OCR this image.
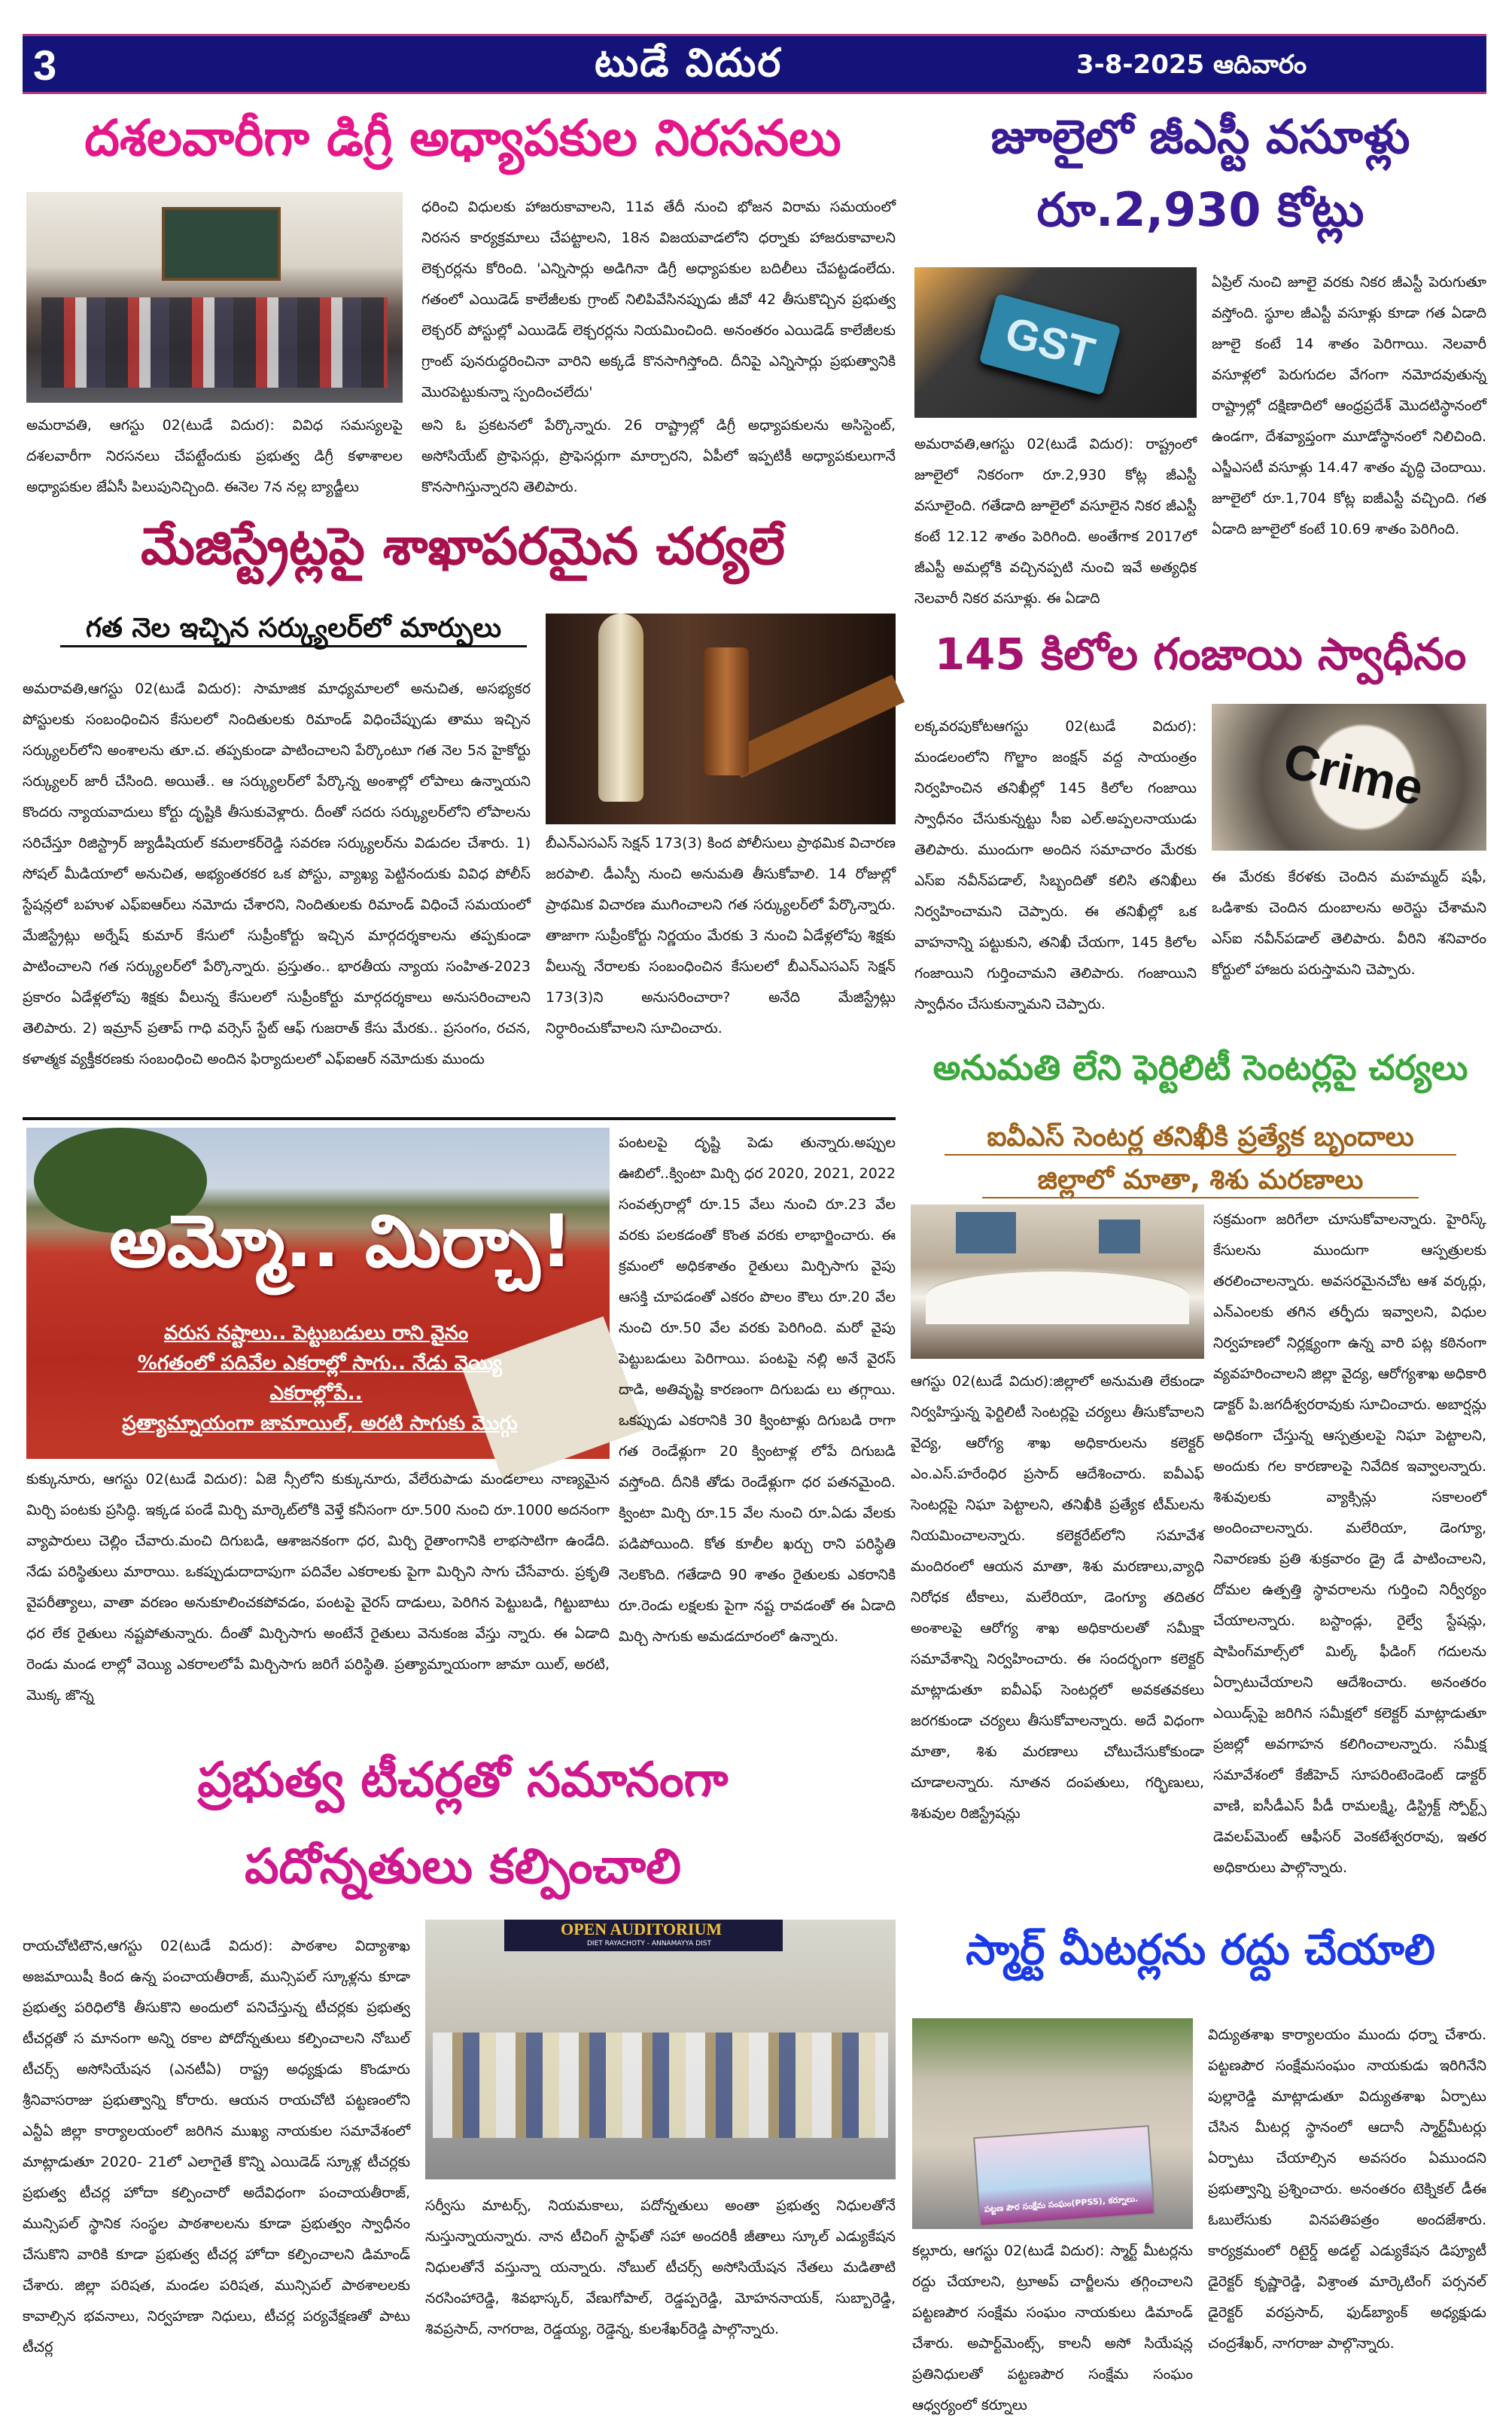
3	టుడే విదుర	3-8-2025 ఆదివారం
దశలవారీగా డిగ్రీ అధ్యాపకుల నిరసనలు
ధరించి విధులకు హాజరుకావాలని, 11వ తేదీ నుంచి భోజన విరామ సమయంలో నిరసన కార్యక్రమాలు చేపట్టాలని, 18న విజయవాడలోని ధర్నాకు హాజరుకావాలని లెక్చరర్లను కోరింది. 'ఎన్నిసార్లు అడిగినా డిగ్రీ అధ్యాపకుల బదిలీలు చేపట్టడంలేదు. గతంలో ఎయిడెడ్ కాలేజీలకు గ్రాంట్ నిలిపివేసినప్పుడు జీవో 42 తీసుకొచ్చిన ప్రభుత్వ లెక్చరర్ పోస్టుల్లో ఎయిడెడ్ లెక్చరర్లను నియమించింది. అనంతరం ఎయిడెడ్ కాలేజీలకు గ్రాంట్ పునరుద్ధరించినా వారిని అక్కడే కొనసాగిస్తోంది. దీనిపై ఎన్నిసార్లు ప్రభుత్వానికి మొరపెట్టుకున్నా స్పందించలేదు'
అమరావతి, ఆగస్టు 02(టుడే విదుర): వివిధ సమస్యలపై దశలవారీగా నిరసనలు చేపట్టేందుకు ప్రభుత్వ డిగ్రీ కళాశాలల అధ్యాపకుల జేఏసీ పిలుపునిచ్చింది. ఈనెల 7న నల్ల బ్యాడ్జీలు
అని ఓ ప్రకటనలో పేర్కొన్నారు. 26 రాష్ట్రాల్లో డిగ్రీ అధ్యాపకులను అసిస్టెంట్, అసోసియేట్ ప్రొఫెసర్లు, ప్రొఫెసర్లుగా మార్చారని, ఏపీలో ఇప్పటికీ అధ్యాపకులుగానే కొనసాగిస్తున్నారని తెలిపారు.
జూలైలో జీఎస్టీ వసూళ్లు
రూ.2,930 కోట్లు
GST
అమరావతి,ఆగస్టు 02(టుడే విదుర): రాష్ట్రంలో జూలైలో నికరంగా రూ.2,930 కోట్ల జీఎస్టీ వసూలైంది. గతేడాది జూలైలో వసూలైన నికర జీఎస్టీ కంటే 12.12 శాతం పెరిగింది. అంతేగాక 2017లో జీఎస్టీ అమల్లోకి వచ్చినప్పటి నుంచి ఇవే అత్యధిక నెలవారీ నికర వసూళ్లు. ఈ ఏడాది
ఏప్రిల్ నుంచి జూలై వరకు నికర జీఎస్టీ పెరుగుతూ వస్తోంది. స్థూల జీఎస్టీ వసూళ్లు కూడా గత ఏడాది జూలై కంటే 14 శాతం పెరిగాయి. నెలవారీ వసూళ్లలో పెరుగుదల వేగంగా నమోదవుతున్న రాష్ట్రాల్లో దక్షిణాదిలో ఆంధ్రప్రదేశ్ మొదటిస్థానంలో ఉండగా, దేశవ్యాప్తంగా మూడోస్థానంలో నిలిచింది. ఎస్జీఎసటీ వసూళ్లు 14.47 శాతం వృద్ధి చెందాయి. జూలైలో రూ.1,704 కోట్ల ఐజీఎస్టీ వచ్చింది. గత ఏడాది జూలైలో కంటే 10.69 శాతం పెరిగింది.
మేజిస్ట్రేట్లపై శాఖాపరమైన చర్యలే
గత నెల ఇచ్చిన సర్క్యులర్‌లో మార్పులు
అమరావతి,ఆగస్టు 02(టుడే విదుర): సామాజిక మాధ్యమాలలో అనుచిత, అసభ్యకర పోస్టులకు సంబంధించిన కేసులలో నిందితులకు రిమాండ్ విధించేప్పుడు తాము ఇచ్చిన సర్క్యులర్‌లోని అంశాలను తూ.చ. తప్పకుండా పాటించాలని పేర్కొంటూ గత నెల 5న హైకోర్టు సర్క్యులర్ జారీ చేసింది. అయితే.. ఆ సర్క్యులర్‌లో పేర్కొన్న అంశాల్లో లోపాలు ఉన్నాయని కొందరు న్యాయవాదులు కోర్టు దృష్టికి తీసుకువెళ్లారు. దీంతో సదరు సర్క్యులర్‌లోని లోపాలను సరిచేస్తూ రిజిస్ట్రార్ జ్యుడీషియల్ కమలాకర్‌రెడ్డి సవరణ సర్క్యులర్‌ను విడుదల చేశారు. 1) సోషల్ మీడియాలో అనుచిత, అభ్యంతరకర ఒక పోస్టు, వ్యాఖ్య పెట్టినందుకు వివిధ పోలీస్ స్టేషన్లలో బహుళ ఎఫ్ఐఆర్‌లు నమోదు చేశారని, నిందితులకు రిమాండ్ విధించే సమయంలో మేజిస్ట్రేట్లు అర్నేష్ కుమార్ కేసులో సుప్రీంకోర్టు ఇచ్చిన మార్గదర్శకాలను తప్పకుండా పాటించాలని గత సర్క్యులర్‌లో పేర్కొన్నారు. ప్రస్తుతం.. భారతీయ న్యాయ సంహిత-2023 ప్రకారం ఏడేళ్లలోపు శిక్షకు వీలున్న కేసులలో సుప్రీంకోర్టు మార్గదర్శకాలు అనుసరించాలని తెలిపారు. 2) ఇమ్రాన్ ప్రతాప్ గాధి వర్సెస్ స్టేట్ ఆఫ్ గుజరాత్ కేసు మేరకు.. ప్రసంగం, రచన, కళాత్మక వ్యక్తీకరణకు సంబంధించి అందిన ఫిర్యాదులలో ఎఫ్ఐఆర్ నమోదుకు ముందు
బీఎన్ఎసఎస్ సెక్షన్ 173(3) కింద పోలీసులు ప్రాథమిక విచారణ జరపాలి. డీఎస్పీ నుంచి అనుమతి తీసుకోవాలి. 14 రోజుల్లో ప్రాథమిక విచారణ ముగించాలని గత సర్క్యులర్‌లో పేర్కొన్నారు. తాజాగా సుప్రీంకోర్టు నిర్ణయం మేరకు 3 నుంచి ఏడేళ్లలోపు శిక్షకు వీలున్న నేరాలకు సంబంధించిన కేసులలో బీఎన్ఎసఎస్ సెక్షన్ 173(3)ని అనుసరించారా? అనేది మేజిస్ట్రేట్లు నిర్ధారించుకోవాలని సూచించారు.
145 కిలోల గంజాయి స్వాధీనం
లక్కవరపుకోటఆగస్టు 02(టుడే విదుర): మండలంలోని గొల్జాం జంక్షన్ వద్ద సాయంత్రం నిర్వహించిన తనిఖీల్లో 145 కిలోల గంజాయి స్వాధీనం చేసుకున్నట్టు సీఐ ఎల్.అప్పలనాయుడు తెలిపారు. ముందుగా అందిన సమాచారం మేరకు ఎస్ఐ నవీన్‌పడాల్, సిబ్బందితో కలిసి తనిఖీలు నిర్వహించామని చెప్పారు. ఈ తనిఖీల్లో ఒక వాహనాన్ని పట్టుకుని, తనిఖీ చేయగా, 145 కిలోల గంజాయిని గుర్తించామని తెలిపారు. గంజాయిని స్వాధీనం చేసుకున్నామని చెప్పారు.
Crime
ఈ మేరకు కేరళకు చెందిన మహమ్మద్ షఫీ, ఒడిశాకు చెందిన దుంబాలను అరెస్టు చేశామని ఎస్ఐ నవీన్‌పడాల్ తెలిపారు. వీరిని శనివారం కోర్టులో హాజరు పరుస్తామని చెప్పారు.
అనుమతి లేని ఫెర్టిలిటీ సెంటర్లపై చర్యలు
ఐవీఎస్ సెంటర్ల తనిఖీకి ప్రత్యేక బృందాలు
జిల్లాలో మాతా, శిశు మరణాలు
ఆగస్టు 02(టుడే విదుర):జిల్లాలో అనుమతి లేకుండా నిర్వహిస్తున్న ఫెర్టిలిటీ సెంటర్లపై చర్యలు తీసుకోవాలని వైద్య, ఆరోగ్య శాఖ అధికారులను కలెక్టర్ ఎం.ఎస్.హరేంధిర ప్రసాద్ ఆదేశించారు. ఐవీఎఫ్ సెంటర్లపై నిఘా పెట్టాలని, తనిఖీకి ప్రత్యేక టీమ్‌లను నియమించాలన్నారు. కలెక్టరేట్‌లోని సమావేశ మందిరంలో ఆయన మాతా, శిశు మరణాలు,వ్యాధి నిరోధక టీకాలు, మలేరియా, డెంగ్యూ తదితర అంశాలపై ఆరోగ్య శాఖ అధికారులతో సమీక్షా సమావేశాన్ని నిర్వహించారు. ఈ సందర్భంగా కలెక్టర్ మాట్లాడుతూ ఐవీఎఫ్ సెంటర్లలో అవకతవకలు జరగకుండా చర్యలు తీసుకోవాలన్నారు. అదే విధంగా మాతా, శిశు మరణాలు చోటుచేసుకోకుండా చూడాలన్నారు. నూతన దంపతులు, గర్భిణులు, శిశువుల రిజిస్ట్రేషన్లు
సక్రమంగా జరిగేలా చూసుకోవాలన్నారు. హైరిస్క్ కేసులను ముందుగా ఆస్పత్రులకు తరలించాలన్నారు. అవసరమైనచోట ఆశ వర్కర్లు, ఎన్ఎంలకు తగిన తర్ఫీదు ఇవ్వాలని, విధుల నిర్వహణలో నిర్లక్ష్యంగా ఉన్న వారి పట్ల కఠినంగా వ్యవహరించాలని జిల్లా వైద్య, ఆరోగ్యశాఖ అధికారి డాక్టర్ పి.జగదీశ్వరరావుకు సూచించారు. అబార్షన్లు అధికంగా చేస్తున్న ఆస్పత్రులపై నిఘా పెట్టాలని, అందుకు గల కారణాలపై నివేదిక ఇవ్వాలన్నారు. శిశువులకు వ్యాక్సిన్లు సకాలంలో అందించాలన్నారు. మలేరియా, డెంగ్యూ, నివారణకు ప్రతి శుక్రవారం డ్రై డే పాటించాలని, దోమల ఉత్పత్తి స్థావరాలను గుర్తించి నిర్వీర్యం చేయాలన్నారు. బస్టాండ్లు, రైల్వే స్టేషన్లు, షాపింగ్‌మాల్స్‌లో మిల్క్ ఫీడింగ్ గదులను ఏర్పాటుచేయాలని ఆదేశించారు. అనంతరం ఎయిడ్స్‌పై జరిగిన సమీక్షలో కలెక్టర్ మాట్లాడుతూ ప్రజల్లో అవగాహన కలిగించాలన్నారు. సమీక్ష సమావేశంలో కేజీహెచ్ సూపరింటెండెంట్ డాక్టర్ వాణి, ఐసీడీఎస్ పీడీ రామలక్ష్మి, డిస్ట్రిక్ట్ స్పోర్ట్స్ డెవలప్‌మెంట్ ఆఫీసర్ వెంకటేశ్వరరావు, ఇతర అధికారులు పాల్గొన్నారు.
అమ్మో.. మిర్చా!
వరుస నష్టాలు.. పెట్టుబడులు రాని వైనం
%గతంలో పదివేల ఎకరాల్లో సాగు.. నేడు వెయ్యి
ఎకరాల్లోపే..
ప్రత్యామ్నాయంగా జామాయిల్, అరటి సాగుకు మొగ్గు
కుక్కునూరు, ఆగస్టు 02(టుడే విదుర): ఏజె న్సీలోని కుక్కునూరు, వేలేరుపాడు మండలాలు నాణ్యమైన మిర్చి పంటకు ప్రసిద్ధి. ఇక్కడ పండే మిర్చి మార్కెట్‌లోకి వెళ్తే కనీసంగా రూ.500 నుంచి రూ.1000 అదనంగా వ్యాపారులు చెల్లిం చేవారు.మంచి దిగుబడి, ఆశాజనకంగా ధర, మిర్చి రైతాంగానికి లాభసాటిగా ఉండేది. నేడు పరిస్థితులు మారాయి. ఒకప్పుడుదాదాపుగా పదివేల ఎకరాలకు పైగా మిర్చిని సాగు చేసేవారు. ప్రకృతి వైపరీత్యాలు, వాతా వరణం అనుకూలించకపోవడం, పంటపై వైరస్ దాడులు, పెరిగిన పెట్టుబడి, గిట్టుబాటు ధర లేక రైతులు నష్టపోతున్నారు. దీంతో మిర్చిసాగు అంటేనే రైతులు వెనుకంజ వేస్తు న్నారు. ఈ ఏడాది రెండు మండ లాల్లో వెయ్యి ఎకరాలలోపే మిర్చిసాగు జరిగే పరిస్థితి. ప్రత్యామ్నాయంగా జామా యిల్, అరటి, మొక్క జొన్న
పంటలపై దృష్టి పెడు తున్నారు.అప్పుల ఊబిలో..క్వింటా మిర్చి ధర 2020, 2021, 2022 సంవత్సరాల్లో రూ.15 వేలు నుంచి రూ.23 వేల వరకు పలకడంతో కొంత వరకు లాభార్జించారు. ఈ క్రమంలో అధికశాతం రైతులు మిర్చిసాగు వైపు ఆసక్తి చూపడంతో ఎకరం పొలం కౌలు రూ.20 వేల నుంచి రూ.50 వేల వరకు పెరిగింది. మరో వైపు పెట్టుబడులు పెరిగాయి. పంటపై నల్లి అనే వైరస్ దాడి, అతివృష్టి కారణంగా దిగుబడు లు తగ్గాయి. ఒకప్పుడు ఎకరానికి 30 క్వింటాళ్లు దిగుబడి రాగా గత రెండేళ్లుగా 20 క్వింటాళ్ల లోపే దిగుబడి వస్తోంది. దీనికి తోడు రెండేళ్లుగా ధర పతనమైంది. క్వింటా మిర్చి రూ.15 వేల నుంచి రూ.ఏడు వేలకు పడిపోయింది. కోత కూలీల ఖర్చు రాని పరిస్థితి నెలకొంది. గతేడాది 90 శాతం రైతులకు ఎకరానికి రూ.రెండు లక్షలకు పైగా నష్ట రావడంతో ఈ ఏడాది మిర్చి సాగుకు అమడదూరంలో ఉన్నారు.
ప్రభుత్వ టీచర్లతో సమానంగా
పదోన్నతులు కల్పించాలి
రాయచోటిటౌన,ఆగస్టు 02(టుడే విదుర): పాఠశాల విద్యాశాఖ అజమాయిషీ కింద ఉన్న పంచాయతీరాజ్, మున్సిపల్ స్కూళ్లను కూడా ప్రభుత్వ పరిధిలోకి తీసుకొని అందులో పనిచేస్తున్న టీచర్లకు ప్రభుత్వ టీచర్లతో స మానంగా అన్ని రకాల పోదోన్నతులు కల్పించాలని నోబుల్ టీచర్స్ అసోసియేషన (ఎనటీఏ) రాష్ట్ర అధ్యక్షుడు కొండూరు శ్రీనివాసరాజు ప్రభుత్వాన్ని కోరారు. ఆయన రాయచోటి పట్టణంలోని ఎన్టీఏ జిల్లా కార్యాలయంలో జరిగిన ముఖ్య నాయకుల సమావేశంలో మాట్లాడుతూ 2020- 21లో ఎలాగైతే కొన్ని ఎయిడెడ్ స్కూళ్ల టీచర్లకు ప్రభుత్వ టీచర్ల హోదా కల్పించారో అదేవిధంగా పంచాయతీరాజ్, మున్సిపల్ స్థానిక సంస్థల పాఠశాలలను కూడా ప్రభుత్వం స్వాధీనం చేసుకొని వారికి కూడా ప్రభుత్వ టీచర్ల హోదా కల్పించాలని డిమాండ్ చేశారు. జిల్లా పరిషత, మండల పరిషత, మున్సిపల్ పాఠశాలలకు కావాల్సిన భవనాలు, నిర్వహణా నిధులు, టీచర్ల పర్యవేక్షణతో పాటు టీచర్ల
OPEN AUDITORIUM
DIET RAYACHOTY - ANNAMAYYA DIST
సర్వీసు మాటర్స్, నియమకాలు, పదోన్నతులు అంతా ప్రభుత్వ నిధులతోనే నుస్తున్నాయన్నారు. నాన టీచింగ్ స్టాఫ్‌తో సహా అందరికీ జీతాలు స్కూల్ ఎడ్యుకేషన నిధులతోనే వస్తున్నా యన్నారు. నోబుల్ టీచర్స్ అసోసియేషన నేతలు మడితాటి నరసింహారెడ్డి, శివభాస్కర్, వేణుగోపాల్, రెడ్డప్పరెడ్డి, మోహననాయక్, సుబ్బారెడ్డి, శివప్రసాద్, నాగరాజ, రెడ్డయ్య, రెడ్డెన్న, కులశేఖర్‌రెడ్డి పాల్గొన్నారు.
స్మార్ట్ మీటర్లను రద్దు చేయాలి
పట్టణ పౌర సంక్షేమ సంఘం(PPSS), కర్నూలు.
కల్లూరు, ఆగస్టు 02(టుడే విదుర): స్మార్ట్ మీటర్లను రద్దు చేయాలని, ట్రూఅప్ చార్జీలను తగ్గించాలని పట్టణపౌర సంక్షేమ సంఘం నాయకులు డిమాండ్ చేశారు. అపార్ట్‌మెంట్స్, కాలనీ అసో సియేషన్ల ప్రతినిధులతో పట్టణపౌర సంక్షేమ సంఘం ఆధ్వర్యంలో కర్నూలు
విద్యుతశాఖ కార్యాలయం ముందు ధర్నా చేశారు. పట్టణపౌర సంక్షేమసంఘం నాయకుడు ఇరిగినేని పుల్లారెడ్డి మాట్లాడుతూ విద్యుతశాఖ ఏర్పాటు చేసిన మీటర్ల స్థానంలో ఆదానీ స్మార్ట్‌మీటర్లు ఏర్పాటు చేయాల్సిన అవసరం ఏముందని ప్రభుత్వాన్ని ప్రశ్నించారు. అనంతరం టెక్నికల్ డీఈ ఓబులేసుకు వినపతిపత్రం అందజేశారు. కార్యక్రమంలో రిటైర్డ్ అడల్ట్ ఎడ్యుకేషన డిప్యూటీ డైరెక్టర్ కృష్ణారెడ్డి, విశ్రాంత మార్కెటింగ్ పర్సనల్ డైరెక్టర్ వరప్రసాద్, ఫుడ్‌బ్యాంక్ అధ్యక్షుడు చంద్రశేఖర్, నాగరాజు పాల్గొన్నారు.
